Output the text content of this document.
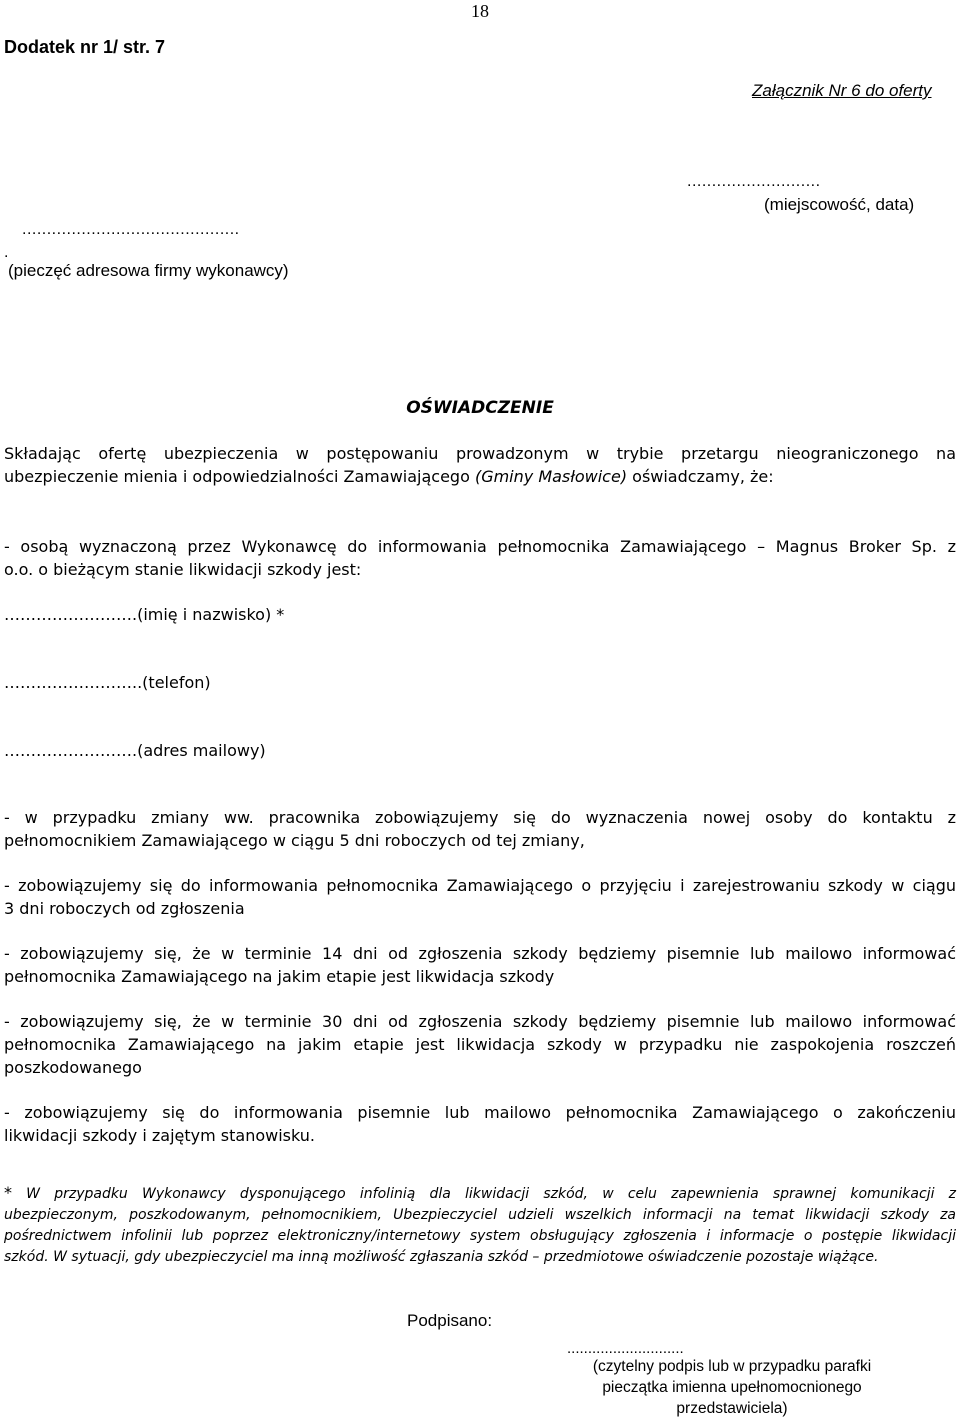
18
Dodatek nr 1/ str. 7
Załącznik Nr 6 do oferty
...........................
(miejscowość, data)
............................................
.
(pieczęć adresowa firmy wykonawcy)
OŚWIADCZENIE

Składając ofertę ubezpieczenia w postępowaniu prowadzonym w trybie przetargu nieograniczonego na

ubezpieczenie mienia i odpowiedzialności Zamawiającego (Gminy Masłowice) oświadczamy, że:

- osobą wyznaczoną przez Wykonawcę do informowania pełnomocnika Zamawiającego – Magnus Broker Sp. z

o.o. o bieżącym stanie likwidacji szkody jest:

…………………….(imię i nazwisko) *
……………………..(telefon)
…………………….(adres mailowy)

- w przypadku zmiany ww. pracownika zobowiązujemy się do wyznaczenia nowej osoby do kontaktu z

pełnomocnikiem Zamawiającego w ciągu 5 dni roboczych od tej zmiany,

- zobowiązujemy się do informowania pełnomocnika Zamawiającego o przyjęciu i zarejestrowaniu szkody w ciągu

3 dni roboczych od zgłoszenia

- zobowiązujemy się, że w terminie 14 dni od zgłoszenia szkody będziemy pisemnie lub mailowo informować

pełnomocnika Zamawiającego na jakim etapie jest likwidacja szkody

- zobowiązujemy się, że w terminie 30 dni od zgłoszenia szkody będziemy pisemnie lub mailowo informować

pełnomocnika Zamawiającego na jakim etapie jest likwidacja szkody w przypadku nie zaspokojenia roszczeń

poszkodowanego

- zobowiązujemy się do informowania pisemnie lub mailowo pełnomocnika Zamawiającego o zakończeniu

likwidacji szkody i zajętym stanowisku.

* W przypadku Wykonawcy dysponującego infolinią dla likwidacji szkód, w celu zapewnienia sprawnej komunikacji z

ubezpieczonym, poszkodowanym, pełnomocnikiem, Ubezpieczyciel udzieli wszelkich informacji na temat likwidacji szkody za

pośrednictwem infolinii lub poprzez elektroniczny/internetowy system obsługujący zgłoszenia i informacje o postępie likwidacji

szkód. W sytuacji, gdy ubezpieczyciel ma inną możliwość zgłaszania szkód – przedmiotowe oświadczenie pozostaje wiążące.

Podpisano:
............................
(czytelny podpis lub w przypadku parafki
pieczątka imienna upełnomocnionego
przedstawiciela)
